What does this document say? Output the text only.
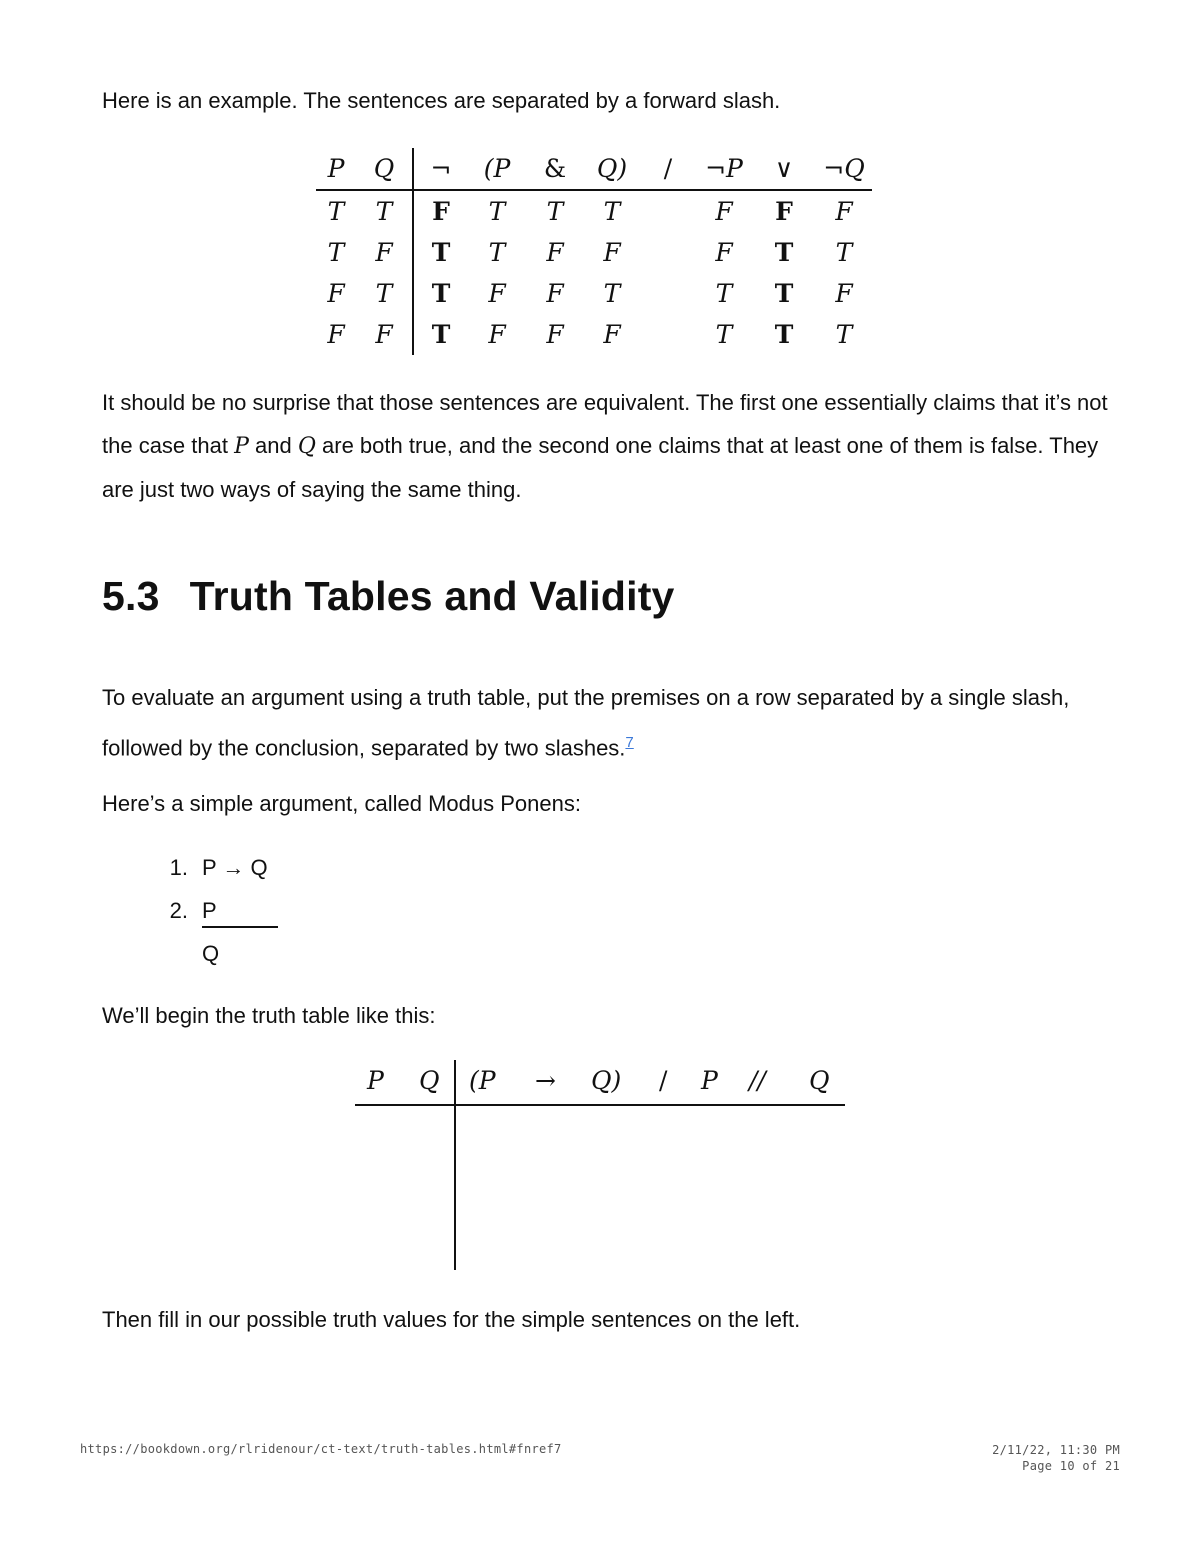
Here is an example. The sentences are separated by a forward slash.

P	Q	¬	(P	&	Q)	/	¬P	∨	¬Q
T	T	F	T	T	T		F	F	F
T	F	T	T	F	F		F	T	T
F	T	T	F	F	T		T	T	F
F	F	T	F	F	F		T	T	T

It should be no surprise that those sentences are equivalent. The first one essentially claims that it’s not the case that P and Q are both true, and the second one claims that at least one of them is false. They are just two ways of saying the same thing.

5.3 Truth Tables and Validity

To evaluate an argument using a truth table, put the premises on a row separated by a single slash, followed by the conclusion, separated by two slashes.$^7$

Here’s a simple argument, called Modus Ponens:

1. P → Q
2. P
Q

We’ll begin the truth table like this:

P Q (P → Q) / P // Q

Then fill in our possible truth values for the simple sentences on the left.

https://bookdown.org/rlridenour/ct-text/truth-tables.html#fnref7	2/11/22, 11:30 PM
Page 10 of 21
